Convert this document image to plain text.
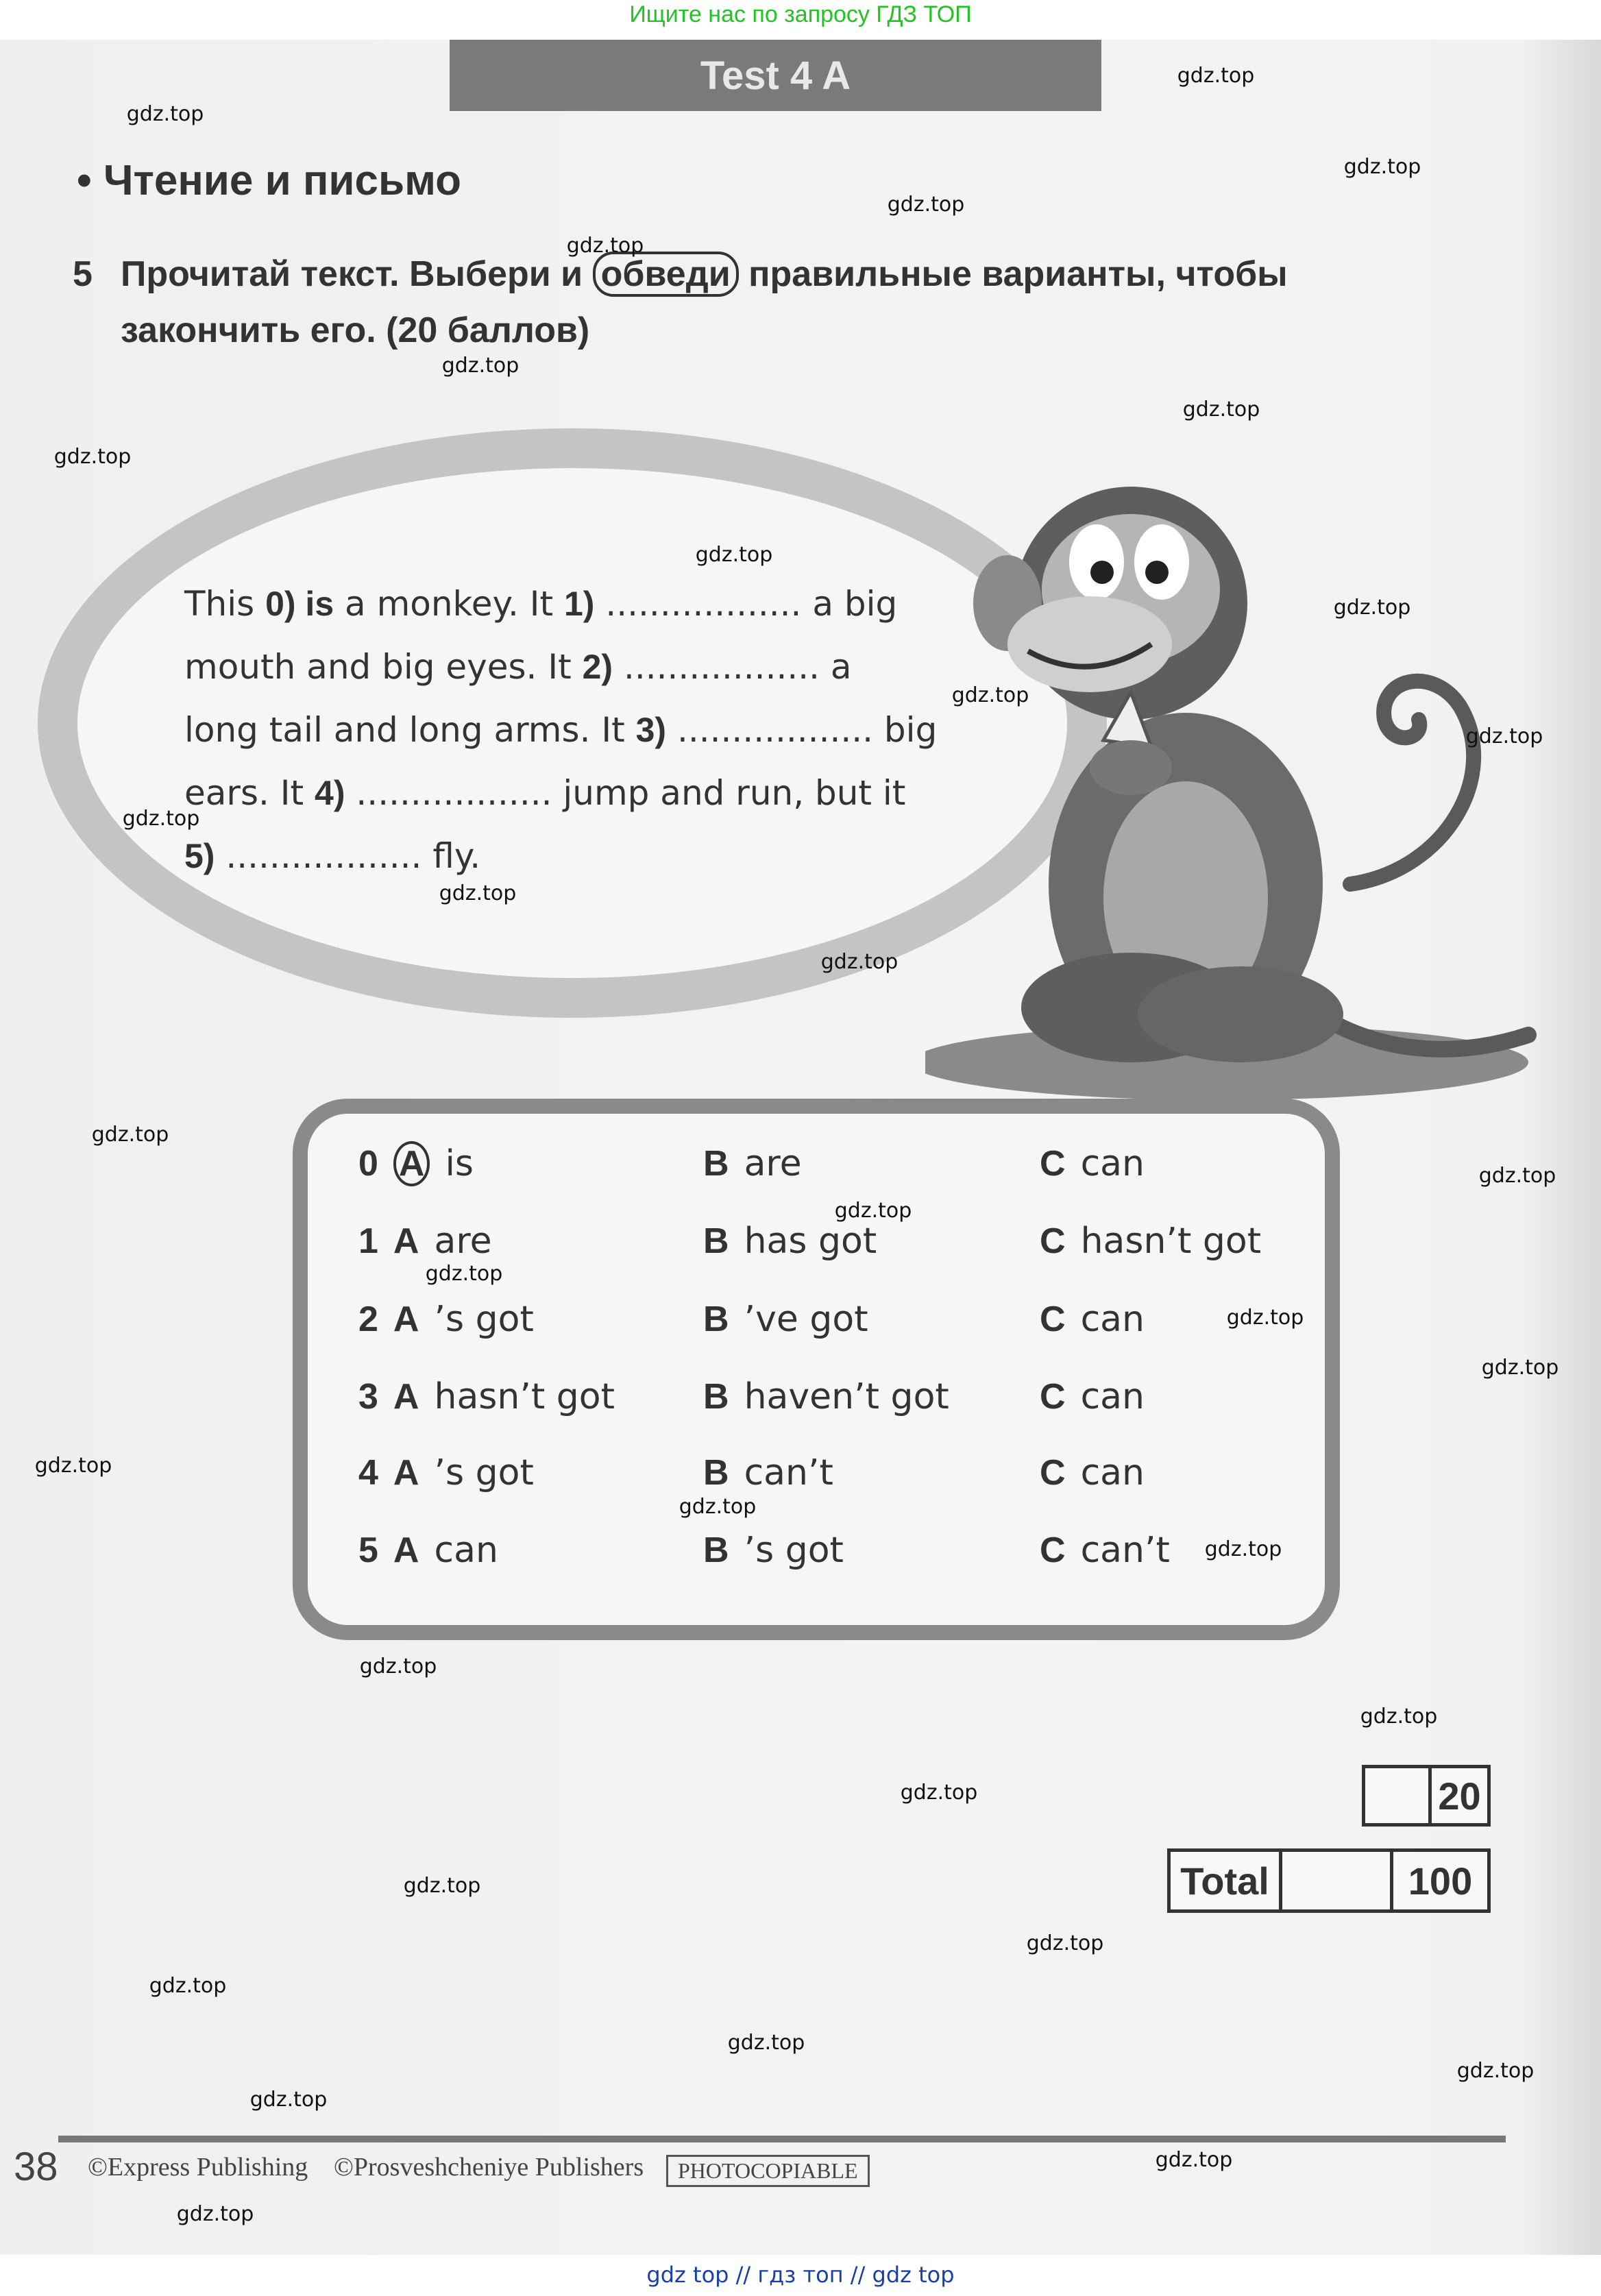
Ищите нас по запросу ГДЗ ТОП
Test 4 A
• Чтение и письмо
5 Прочитай текст. Выбери и обведи правильные варианты, чтобы
закончить его. (20 баллов)
This 0) is a monkey. It 1) .................. a big
mouth and big eyes. It 2) .................. a
long tail and long arms. It 3) .................. big
ears. It 4) .................. jump and run, but it
5) .................. fly.
0 A is	B are	C can
1 A are	B has got	C hasn’t got
2 A ’s got	B ’ve got	C can
3 A hasn’t got B haven’t got	C can
4 A ’s got	B can’t	C can
5 A can	B ’s got	C can’t
20
Total	100
38 ©Express Publishing ©Prosveshcheniye Publishers	PHOTOCOPIABLE
gdz top // гдз топ // gdz top
gdz.top
gdz.top
gdz.top
gdz.top
gdz.top
gdz.top
gdz.top
gdz.top
gdz.top
gdz.top
gdz.top
gdz.top
gdz.top
gdz.top
gdz.top
gdz.top
gdz.top
gdz.top
gdz.top
gdz.top
gdz.top
gdz.top
gdz.top
gdz.top
gdz.top
gdz.top
gdz.top
gdz.top
gdz.top
gdz.top
gdz.top
gdz.top
gdz.top
gdz.top
gdz.top
